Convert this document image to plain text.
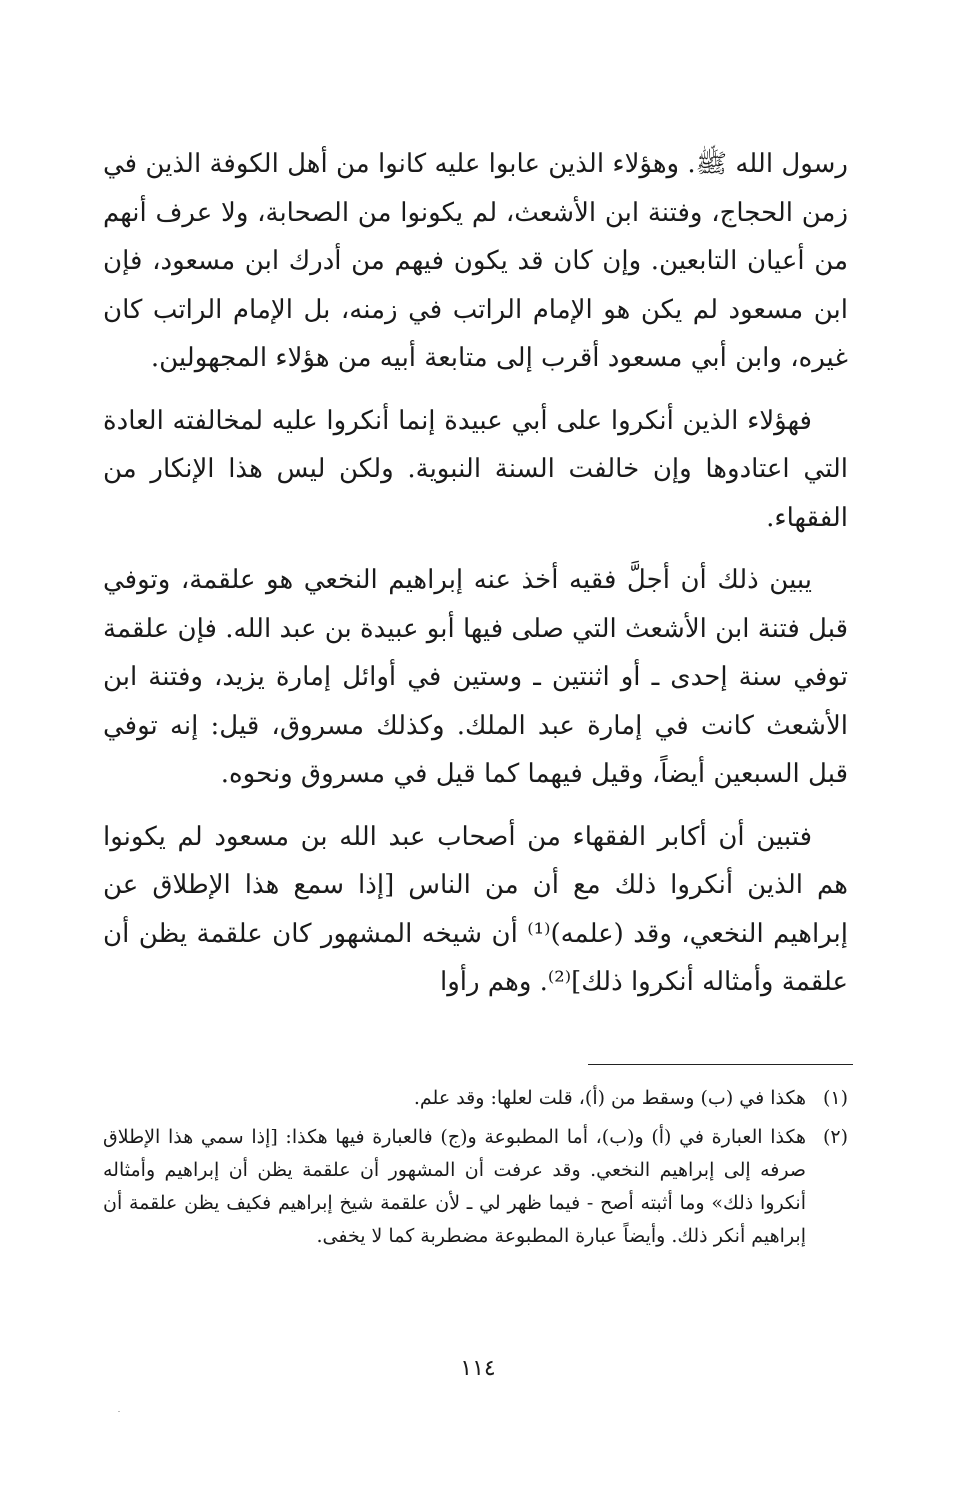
رسول الله ﷺ. وهؤلاء الذين عابوا عليه كانوا من أهل الكوفة الذين في زمن الحجاج، وفتنة ابن الأشعث، لم يكونوا من الصحابة، ولا عرف أنهم من أعيان التابعين. وإن كان قد يكون فيهم من أدرك ابن مسعود، فإن ابن مسعود لم يكن هو الإمام الراتب في زمنه، بل الإمام الراتب كان غيره، وابن أبي مسعود أقرب إلى متابعة أبيه من هؤلاء المجهولين.

فهؤلاء الذين أنكروا على أبي عبيدة إنما أنكروا عليه لمخالفته العادة التي اعتادوها وإن خالفت السنة النبوية. ولكن ليس هذا الإنكار من الفقهاء.

يبين ذلك أن أجلَّ فقيه أخذ عنه إبراهيم النخعي هو علقمة، وتوفي قبل فتنة ابن الأشعث التي صلى فيها أبو عبيدة بن عبد الله. فإن علقمة توفي سنة إحدى ـ أو اثنتين ـ وستين في أوائل إمارة يزيد، وفتنة ابن الأشعث كانت في إمارة عبد الملك. وكذلك مسروق، قيل: إنه توفي قبل السبعين أيضاً، وقيل فيهما كما قيل في مسروق ونحوه.

فتبين أن أكابر الفقهاء من أصحاب عبد الله بن مسعود لم يكونوا هم الذين أنكروا ذلك مع أن من الناس [إذا سمع هذا الإطلاق عن إبراهيم النخعي، وقد (علمه)⁽¹⁾ أن شيخه المشهور كان علقمة يظن أن علقمة وأمثاله أنكروا ذلك]⁽²⁾. وهم رأوا

(١)
هكذا في (ب) وسقط من (أ)، قلت لعلها: وقد علم.
(٢)
هكذا العبارة في (أ) و(ب)، أما المطبوعة و(ج) فالعبارة فيها هكذا: [إذا سمي هذا الإطلاق صرفه إلى إبراهيم النخعي. وقد عرفت أن المشهور أن علقمة يظن أن إبراهيم وأمثاله أنكروا ذلك» وما أثبته أصح - فيما ظهر لي ـ لأن علقمة شيخ إبراهيم فكيف يظن علقمة أن إبراهيم أنكر ذلك. وأيضاً عبارة المطبوعة مضطربة كما لا يخفى.
١١٤
